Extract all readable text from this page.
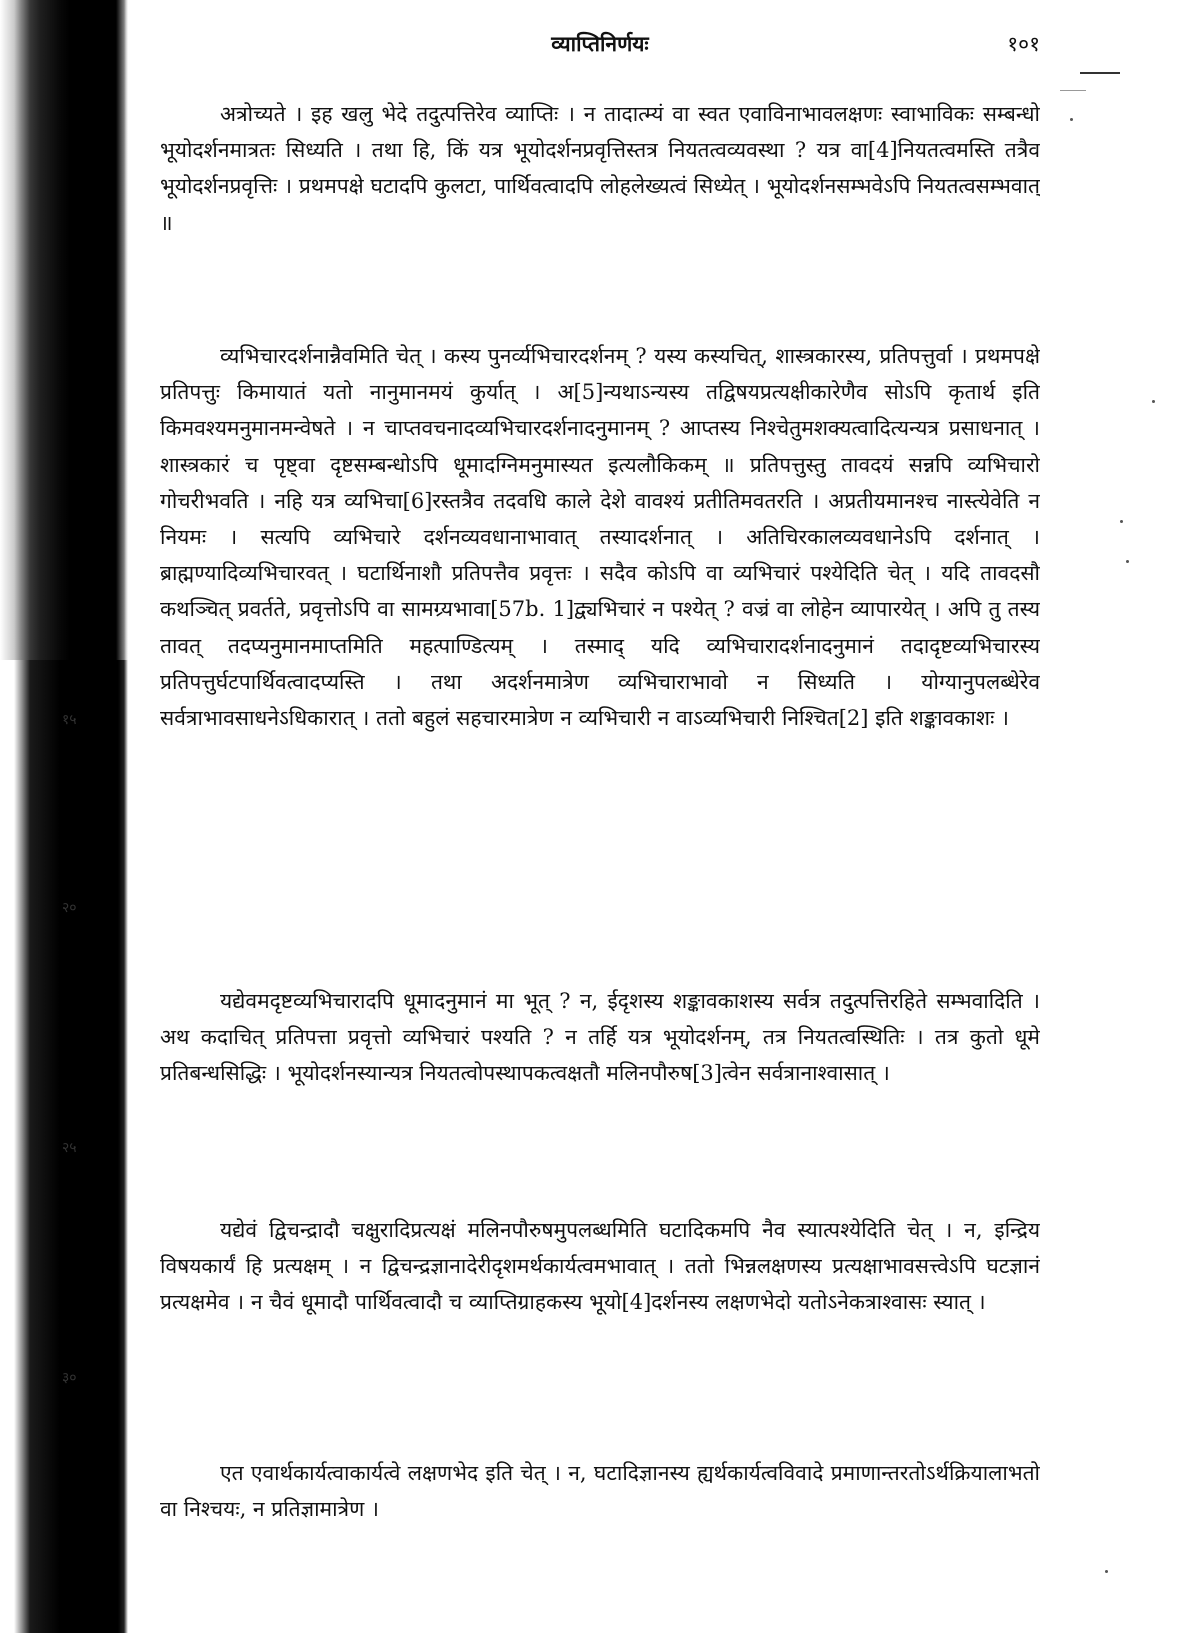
व्याप्तिनिर्णयः	१०१
१५
२०
२५
३०

अत्रोच्यते । इह खलु भेदे तदुत्पत्तिरेव व्याप्तिः । न तादात्म्यं वा स्वत एवाविनाभावलक्षणः स्वाभाविकः सम्बन्धो भूयोदर्शनमात्रतः सिध्यति । तथा हि, किं यत्र भूयोदर्शनप्रवृत्तिस्तत्र नियतत्वव्यवस्था ? यत्र वा[4]नियतत्वमस्ति तत्रैव भूयोदर्शनप्रवृत्तिः । प्रथमपक्षे घटादपि कुलटा, पार्थिवत्वादपि लोहलेख्यत्वं सिध्येत् । भूयोदर्शनसम्भवेऽपि नियतत्वसम्भवात् ॥

व्यभिचारदर्शनान्नैवमिति चेत् । कस्य पुनर्व्यभिचारदर्शनम् ? यस्य कस्यचित्, शास्त्रकारस्य, प्रतिपत्तुर्वा । प्रथमपक्षे प्रतिपत्तुः किमायातं यतो नानुमानमयं कुर्यात् । अ[5]न्यथाऽन्यस्य तद्विषयप्रत्यक्षीकारेणैव सोऽपि कृतार्थ इति किमवश्यमनुमानमन्वेषते । न चाप्तवचनादव्यभिचारदर्शनादनुमानम् ? आप्तस्य निश्चेतुमशक्यत्वादित्यन्यत्र प्रसाधनात् । शास्त्रकारं च पृष्ट्वा दृष्टसम्बन्धोऽपि धूमादग्निमनुमास्यत इत्यलौकिकम् ॥ प्रतिपत्तुस्तु तावदयं सन्नपि व्यभिचारो गोचरीभवति । नहि यत्र व्यभिचा[6]रस्तत्रैव तदवधि काले देशे वावश्यं प्रतीतिमवतरति । अप्रतीयमानश्च नास्त्येवेति न नियमः । सत्यपि व्यभिचारे दर्शनव्यवधानाभावात् तस्यादर्शनात् । अतिचिरकालव्यवधानेऽपि दर्शनात् । ब्राह्मण्यादिव्यभिचारवत् । घटार्थिनाशौ प्रतिपत्तैव प्रवृत्तः । सदैव कोऽपि वा व्यभिचारं पश्येदिति चेत् । यदि तावदसौ कथञ्चित् प्रवर्तते, प्रवृत्तोऽपि वा सामग्र्यभावा[57b. 1]द्व्यभिचारं न पश्येत् ? वज्रं वा लोहेन व्यापारयेत् । अपि तु तस्य तावत् तदप्यनुमानमाप्तमिति महत्पाण्डित्यम् । तस्माद् यदि व्यभिचारादर्शनादनुमानं तदादृष्टव्यभिचारस्य प्रतिपत्तुर्घटपार्थिवत्वादप्यस्ति । तथा अदर्शनमात्रेण व्यभिचाराभावो न सिध्यति । योग्यानुपलब्धेरेव सर्वत्राभावसाधनेऽधिकारात् । ततो बहुलं सहचारमात्रेण न व्यभिचारी न वाऽव्यभिचारी निश्चित[2] इति शङ्कावकाशः ।

यद्येवमदृष्टव्यभिचारादपि धूमादनुमानं मा भूत् ? न, ईदृशस्य शङ्कावकाशस्य सर्वत्र तदुत्पत्तिरहिते सम्भवादिति । अथ कदाचित् प्रतिपत्ता प्रवृत्तो व्यभिचारं पश्यति ? न तर्हि यत्र भूयोदर्शनम्, तत्र नियतत्वस्थितिः । तत्र कुतो धूमे प्रतिबन्धसिद्धिः । भूयोदर्शनस्यान्यत्र नियतत्वोपस्थापकत्वक्षतौ मलिनपौरुष[3]त्वेन सर्वत्रानाश्वासात् ।

यद्येवं द्विचन्द्रादौ चक्षुरादिप्रत्यक्षं मलिनपौरुषमुपलब्धमिति घटादिकमपि नैव स्यात्पश्येदिति चेत् । न, इन्द्रिय विषयकार्यं हि प्रत्यक्षम् । न द्विचन्द्रज्ञानादेरीदृशमर्थकार्यत्वमभावात् । ततो भिन्नलक्षणस्य प्रत्यक्षाभावसत्त्वेऽपि घटज्ञानं प्रत्यक्षमेव । न चैवं धूमादौ पार्थिवत्वादौ च व्याप्तिग्राहकस्य भूयो[4]दर्शनस्य लक्षणभेदो यतोऽनेकत्राश्वासः स्यात् ।

एत एवार्थकार्यत्वाकार्यत्वे लक्षणभेद इति चेत् । न, घटादिज्ञानस्य ह्यर्थकार्यत्वविवादे प्रमाणान्तरतोऽर्थक्रियालाभतो वा निश्चयः, न प्रतिज्ञामात्रेण ।
